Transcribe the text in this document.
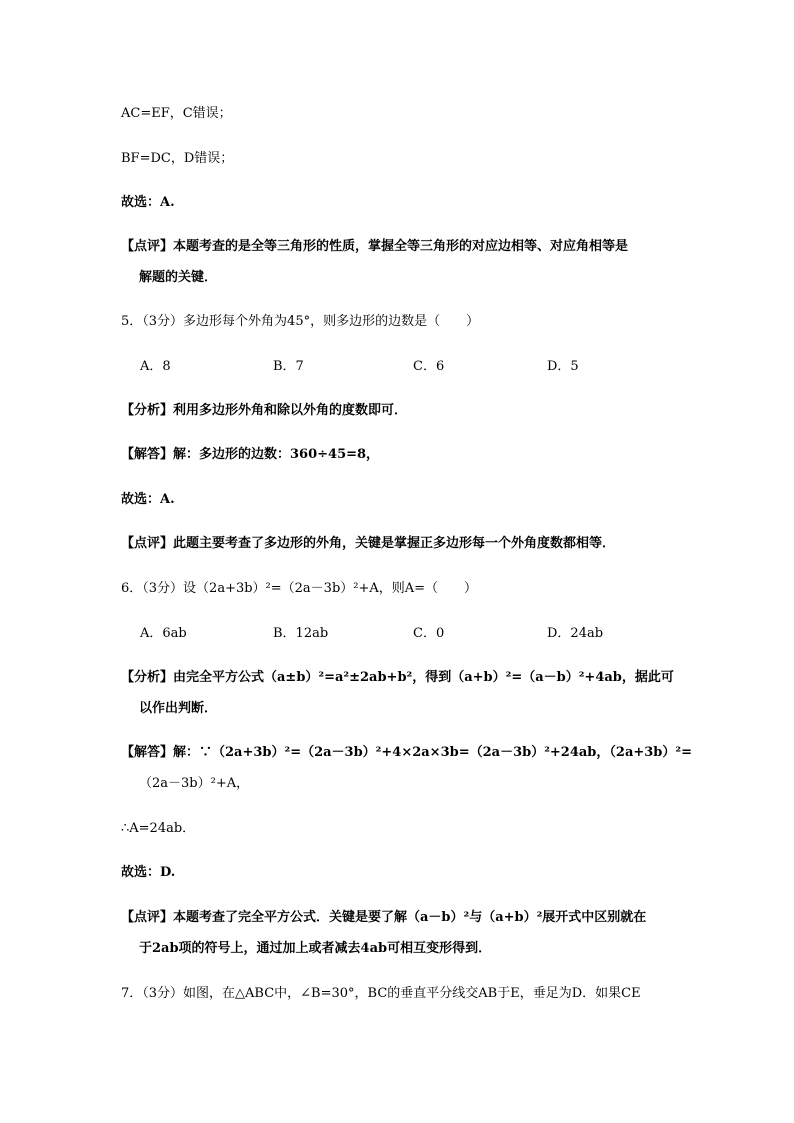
AC=EF，C错误；
BF=DC，D错误；
故选：A.
【点评】本题考查的是全等三角形的性质，掌握全等三角形的对应边相等、对应角相等是
解题的关键．
5．（3分）多边形每个外角为45°，则多边形的边数是（　　）
A．8	B．7	C．6	D．5
【分析】利用多边形外角和除以外角的度数即可．
【解答】解：多边形的边数：360÷45=8，
故选：A.
【点评】此题主要考查了多边形的外角，关键是掌握正多边形每一个外角度数都相等．
6．（3分）设（2a+3b）²=（2a－3b）²+A，则A=（　　）
A．6ab	B．12ab	C．0	D．24ab
【分析】由完全平方公式（a±b）²=a²±2ab+b²，得到（a+b）²=（a－b）²+4ab，据此可
以作出判断．
【解答】解：∵（2a+3b）²=（2a－3b）²+4×2a×3b=（2a－3b）²+24ab，（2a+3b）²=
（2a－3b）²+A，
∴A=24ab．
故选：D.
【点评】本题考查了完全平方公式．关键是要了解（a－b）²与（a+b）²展开式中区别就在
于2ab项的符号上，通过加上或者减去4ab可相互变形得到．
7．（3分）如图，在△ABC中，∠B=30°，BC的垂直平分线交AB于E，垂足为D．如果CE
